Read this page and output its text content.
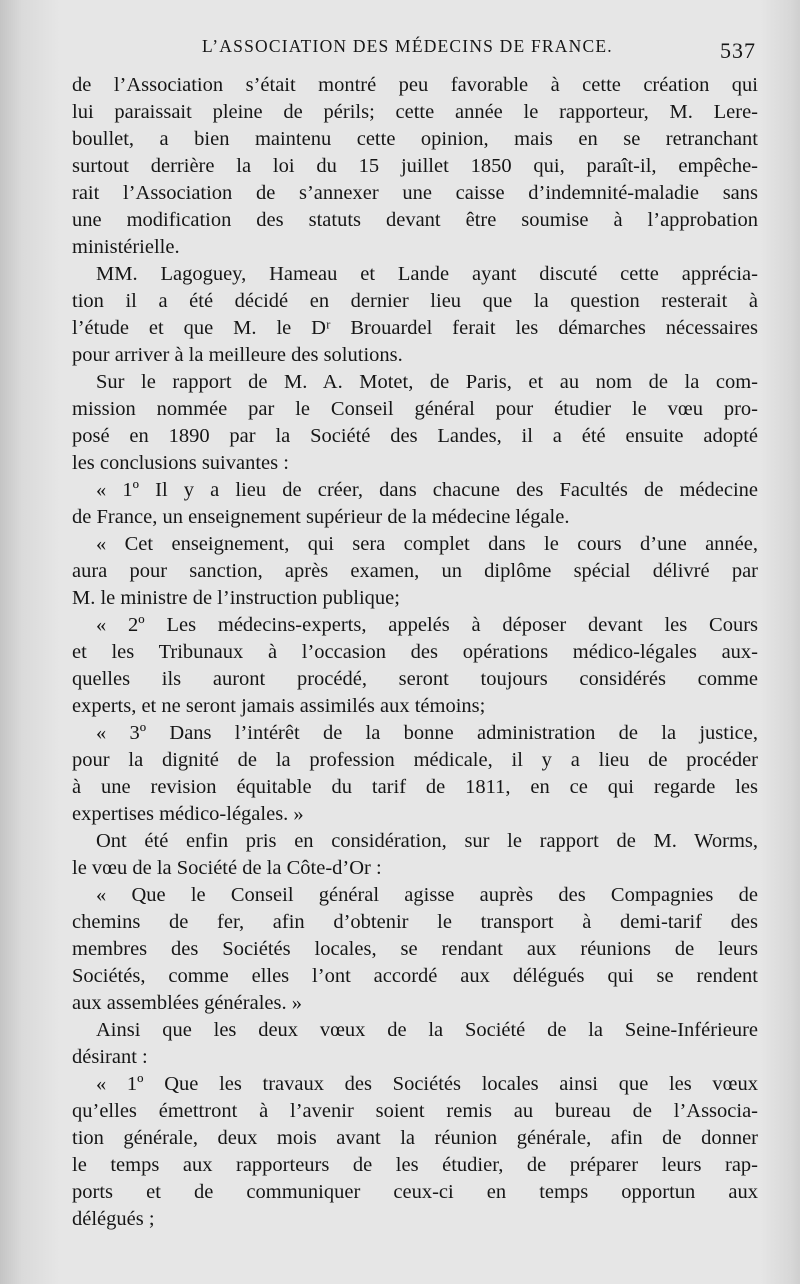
L’ASSOCIATION DES MÉDECINS DE FRANCE.	537
de l’Association s’était montré peu favorable à cette création qui
lui paraissait pleine de périls; cette année le rapporteur, M. Lere-
boullet, a bien maintenu cette opinion, mais en se retranchant
surtout derrière la loi du 15 juillet 1850 qui, paraît-il, empêche-
rait l’Association de s’annexer une caisse d’indemnité-maladie sans
une modification des statuts devant être soumise à l’approbation
ministérielle.
MM. Lagoguey, Hameau et Lande ayant discuté cette apprécia-
tion il a été décidé en dernier lieu que la question resterait à
l’étude et que M. le Dʳ Brouardel ferait les démarches nécessaires
pour arriver à la meilleure des solutions.
Sur le rapport de M. A. Motet, de Paris, et au nom de la com-
mission nommée par le Conseil général pour étudier le vœu pro-
posé en 1890 par la Société des Landes, il a été ensuite adopté
les conclusions suivantes :
« 1º Il y a lieu de créer, dans chacune des Facultés de médecine
de France, un enseignement supérieur de la médecine légale.
« Cet enseignement, qui sera complet dans le cours d’une année,
aura pour sanction, après examen, un diplôme spécial délivré par
M. le ministre de l’instruction publique;
« 2º Les médecins-experts, appelés à déposer devant les Cours
et les Tribunaux à l’occasion des opérations médico-légales aux-
quelles ils auront procédé, seront toujours considérés comme
experts, et ne seront jamais assimilés aux témoins;
« 3º Dans l’intérêt de la bonne administration de la justice,
pour la dignité de la profession médicale, il y a lieu de procéder
à une revision équitable du tarif de 1811, en ce qui regarde les
expertises médico-légales. »
Ont été enfin pris en considération, sur le rapport de M. Worms,
le vœu de la Société de la Côte-d’Or :
« Que le Conseil général agisse auprès des Compagnies de
chemins de fer, afin d’obtenir le transport à demi-tarif des
membres des Sociétés locales, se rendant aux réunions de leurs
Sociétés, comme elles l’ont accordé aux délégués qui se rendent
aux assemblées générales. »
Ainsi que les deux vœux de la Société de la Seine-Inférieure
désirant :
« 1º Que les travaux des Sociétés locales ainsi que les vœux
qu’elles émettront à l’avenir soient remis au bureau de l’Associa-
tion générale, deux mois avant la réunion générale, afin de donner
le temps aux rapporteurs de les étudier, de préparer leurs rap-
ports et de communiquer ceux-ci en temps opportun aux
délégués ;
